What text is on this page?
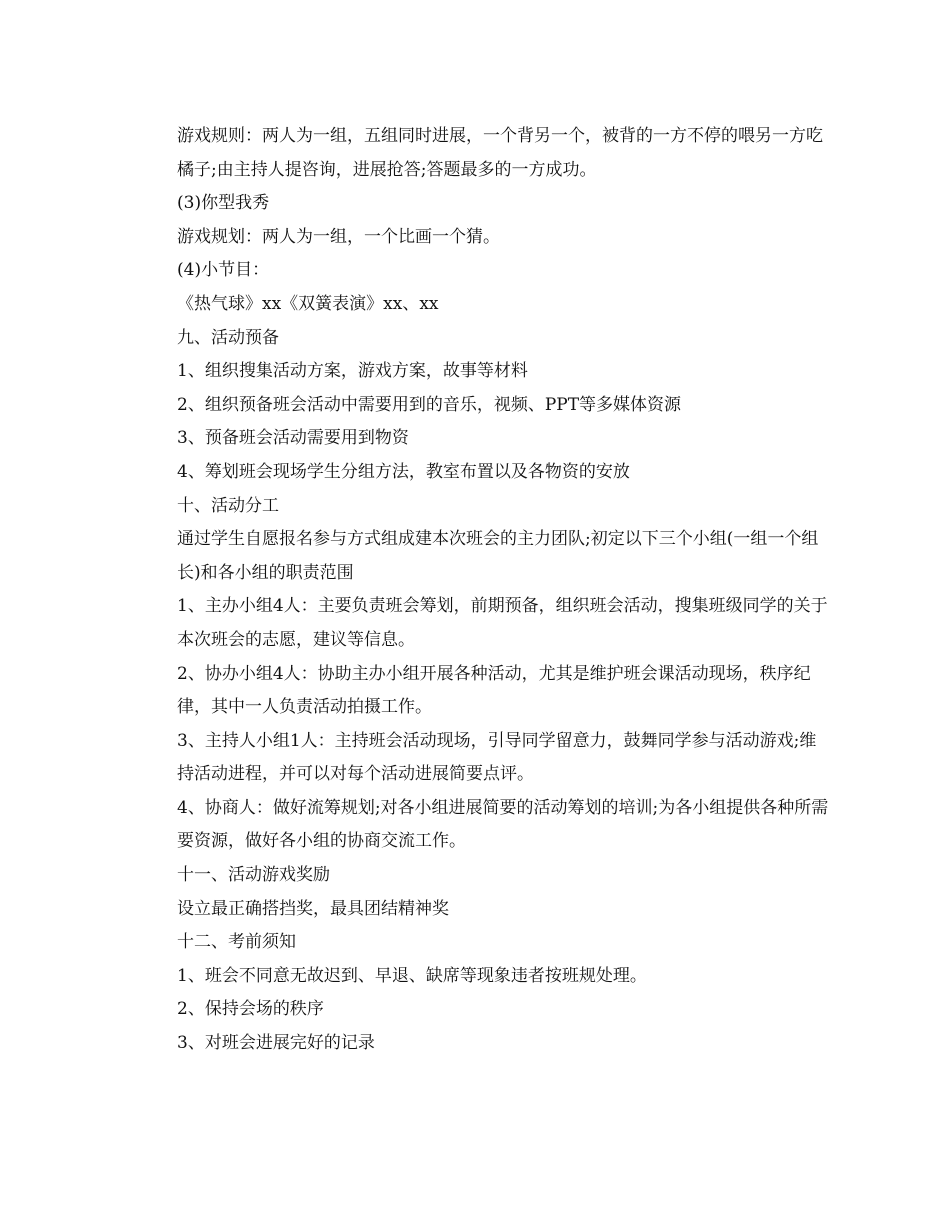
游戏规则：两人为一组，五组同时进展，一个背另一个，被背的一方不停的喂另一方吃橘子;由主持人提咨询，进展抢答;答题最多的一方成功。

(3)你型我秀

游戏规划：两人为一组，一个比画一个猜。

(4)小节目：

《热气球》xx《双簧表演》xx、xx

九、活动预备

1、组织搜集活动方案，游戏方案，故事等材料

2、组织预备班会活动中需要用到的音乐，视频、PPT等多媒体资源

3、预备班会活动需要用到物资

4、筹划班会现场学生分组方法，教室布置以及各物资的安放

十、活动分工

通过学生自愿报名参与方式组成建本次班会的主力团队;初定以下三个小组(一组一个组长)和各小组的职责范围

1、主办小组4人：主要负责班会筹划，前期预备，组织班会活动，搜集班级同学的关于本次班会的志愿，建议等信息。

2、协办小组4人：协助主办小组开展各种活动，尤其是维护班会课活动现场，秩序纪律，其中一人负责活动拍摄工作。

3、主持人小组1人：主持班会活动现场，引导同学留意力，鼓舞同学参与活动游戏;维持活动进程，并可以对每个活动进展简要点评。

4、协商人：做好流筹规划;对各小组进展简要的活动筹划的培训;为各小组提供各种所需要资源，做好各小组的协商交流工作。

十一、活动游戏奖励

设立最正确搭挡奖，最具团结精神奖

十二、考前须知

1、班会不同意无故迟到、早退、缺席等现象违者按班规处理。

2、保持会场的秩序

3、对班会进展完好的记录
